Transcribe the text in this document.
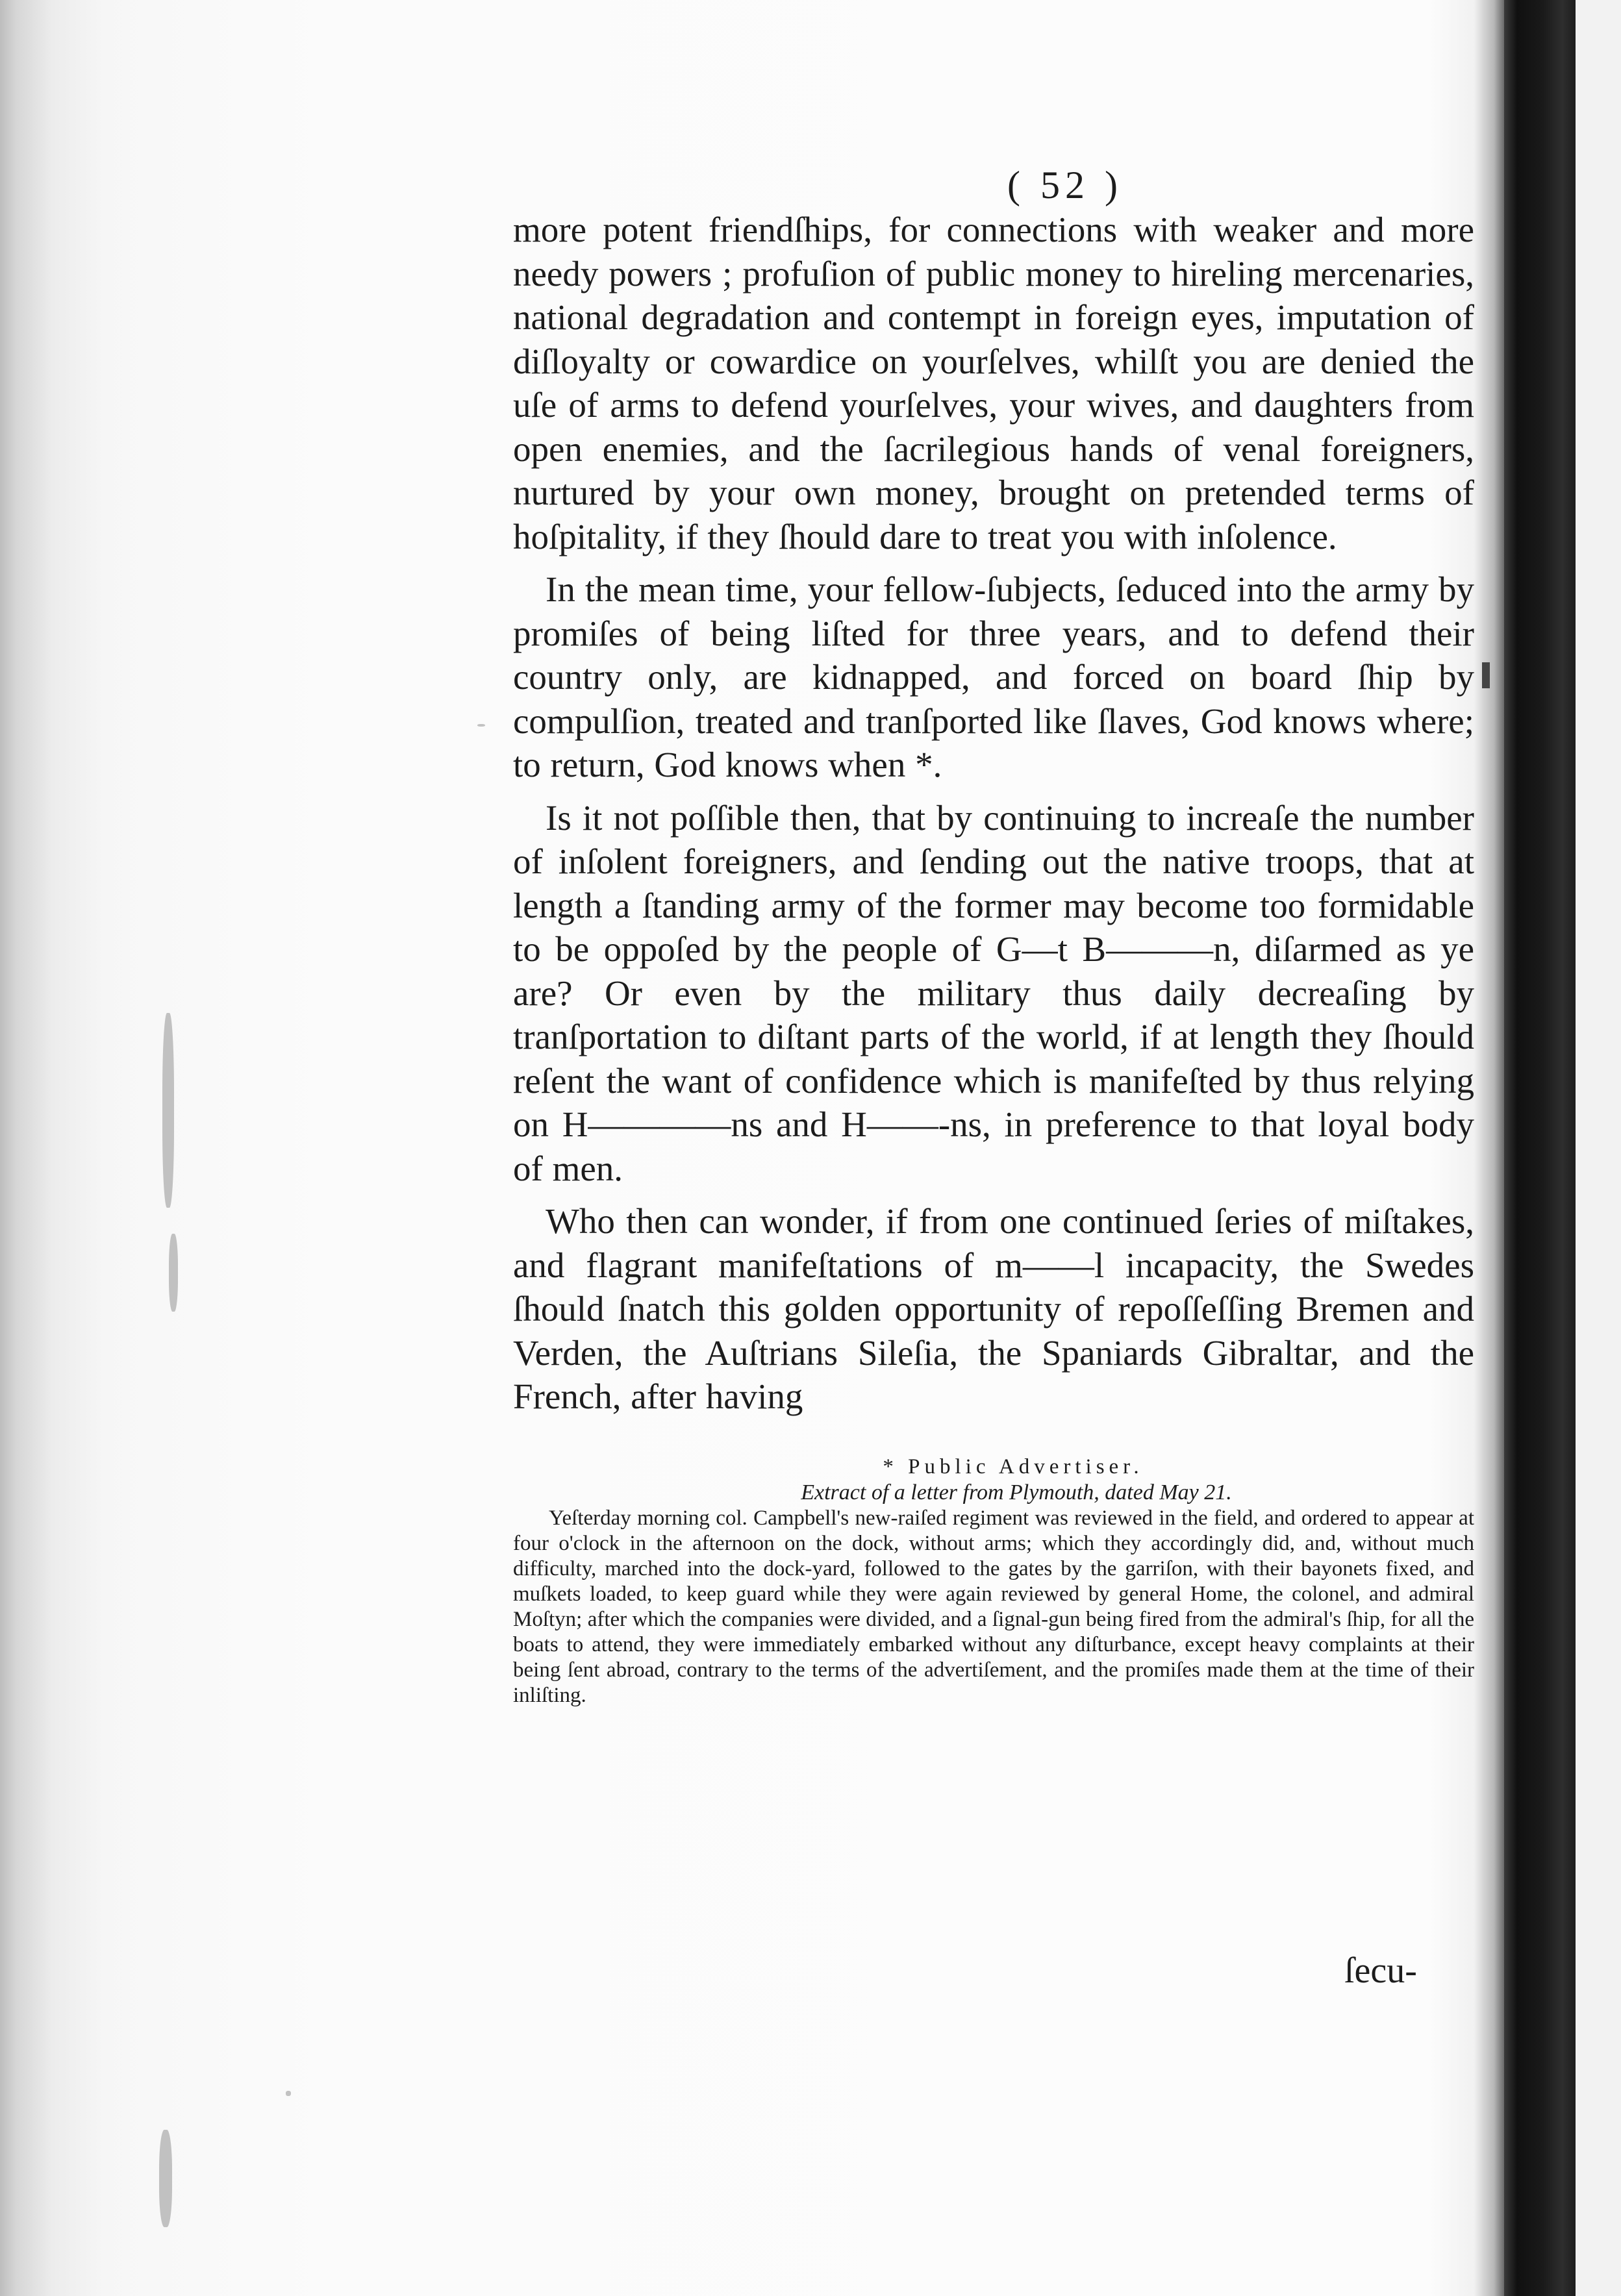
( 52 )

more potent friendſhips, for connections with weaker and more needy powers ; profuſion of public money to hireling mercenaries, national degradation and contempt in foreign eyes, imputation of diſloyalty or cowardice on yourſelves, whilſt you are denied the uſe of arms to defend yourſelves, your wives, and daughters from open enemies, and the ſacrilegious hands of venal foreigners, nurtured by your own money, brought on pretended terms of hoſpitality, if they ſhould dare to treat you with inſolence.

In the mean time, your fellow-ſubjects, ſeduced into the army by promiſes of being liſted for three years, and to defend their country only, are kidnapped, and forced on board ſhip by compulſion, treated and tranſported like ſlaves, God knows where; to return, God knows when *.

Is it not poſſible then, that by continuing to increaſe the number of inſolent foreigners, and ſending out the native troops, that at length a ſtanding army of the former may become too formidable to be oppoſed by the people of G—t B———n, diſarmed as ye are? Or even by the military thus daily decreaſing by tranſportation to diſtant parts of the world, if at length they ſhould reſent the want of confidence which is manifeſted by thus relying on H————ns and H——-ns, in preference to that loyal body of men.

Who then can wonder, if from one continued ſeries of miſtakes, and flagrant manifeſtations of m——l incapacity, the Swedes ſhould ſnatch this golden opportunity of repoſſeſſing Bremen and Verden, the Auſtrians Sileſia, the Spaniards Gibraltar, and the French, after having

* Public Advertiser.
Extract of a letter from Plymouth, dated May 21.

Yeſterday morning col. Campbell's new-raiſed regiment was reviewed in the field, and ordered to appear at four o'clock in the afternoon on the dock, without arms; which they accordingly did, and, without much difficulty, marched into the dock-yard, followed to the gates by the garriſon, with their bayonets fixed, and muſkets loaded, to keep guard while they were again reviewed by general Home, the colonel, and admiral Moſtyn; after which the companies were divided, and a ſignal-gun being fired from the admiral's ſhip, for all the boats to attend, they were immediately embarked without any diſturbance, except heavy complaints at their being ſent abroad, contrary to the terms of the advertiſement, and the promiſes made them at the time of their inliſting.

ſecu-
